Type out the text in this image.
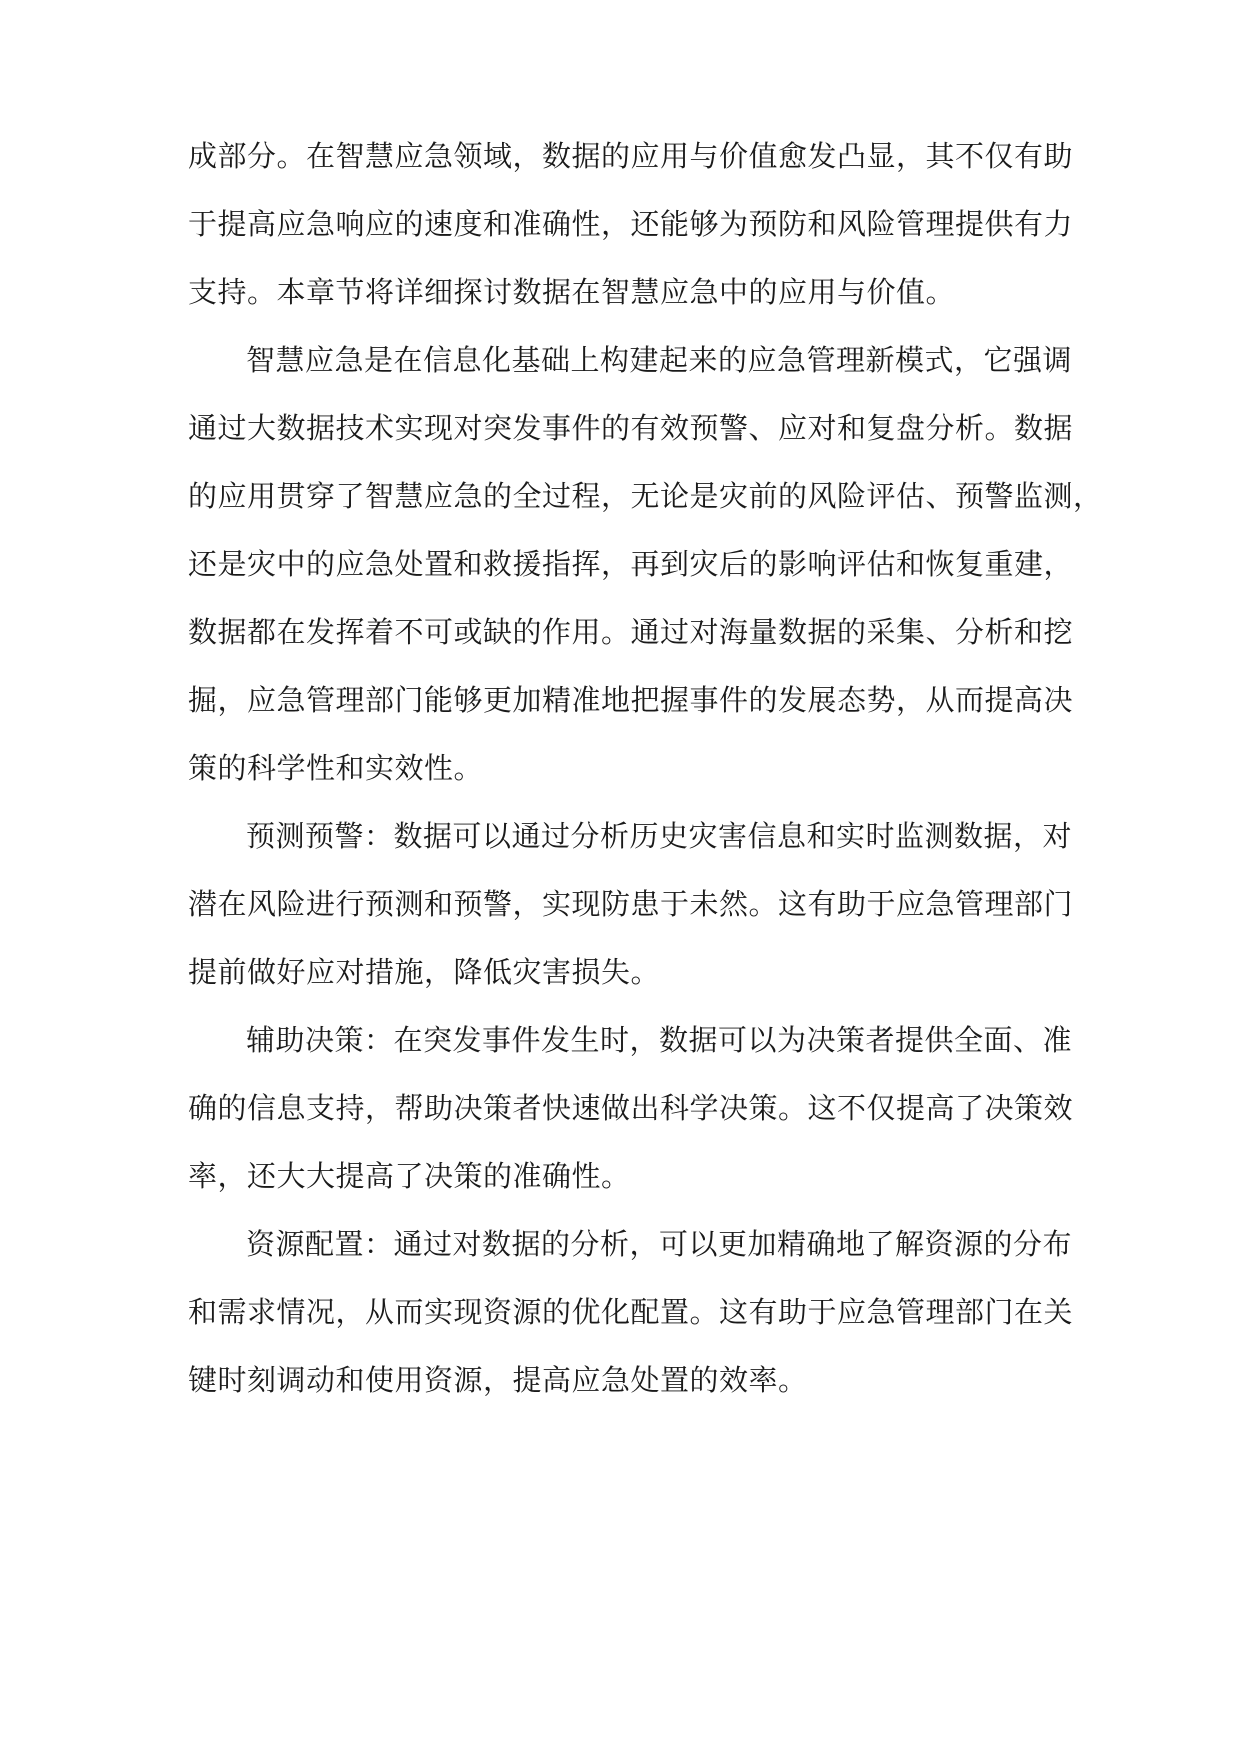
成部分。在智慧应急领域，数据的应用与价值愈发凸显，其不仅有助
于提高应急响应的速度和准确性，还能够为预防和风险管理提供有力
支持。本章节将详细探讨数据在智慧应急中的应用与价值。
智慧应急是在信息化基础上构建起来的应急管理新模式，它强调
通过大数据技术实现对突发事件的有效预警、应对和复盘分析。数据
的应用贯穿了智慧应急的全过程，无论是灾前的风险评估、预警监测，
还是灾中的应急处置和救援指挥，再到灾后的影响评估和恢复重建，
数据都在发挥着不可或缺的作用。通过对海量数据的采集、分析和挖
掘，应急管理部门能够更加精准地把握事件的发展态势，从而提高决
策的科学性和实效性。
预测预警：数据可以通过分析历史灾害信息和实时监测数据，对
潜在风险进行预测和预警，实现防患于未然。这有助于应急管理部门
提前做好应对措施，降低灾害损失。
辅助决策：在突发事件发生时，数据可以为决策者提供全面、准
确的信息支持，帮助决策者快速做出科学决策。这不仅提高了决策效
率，还大大提高了决策的准确性。
资源配置：通过对数据的分析，可以更加精确地了解资源的分布
和需求情况，从而实现资源的优化配置。这有助于应急管理部门在关
键时刻调动和使用资源，提高应急处置的效率。
